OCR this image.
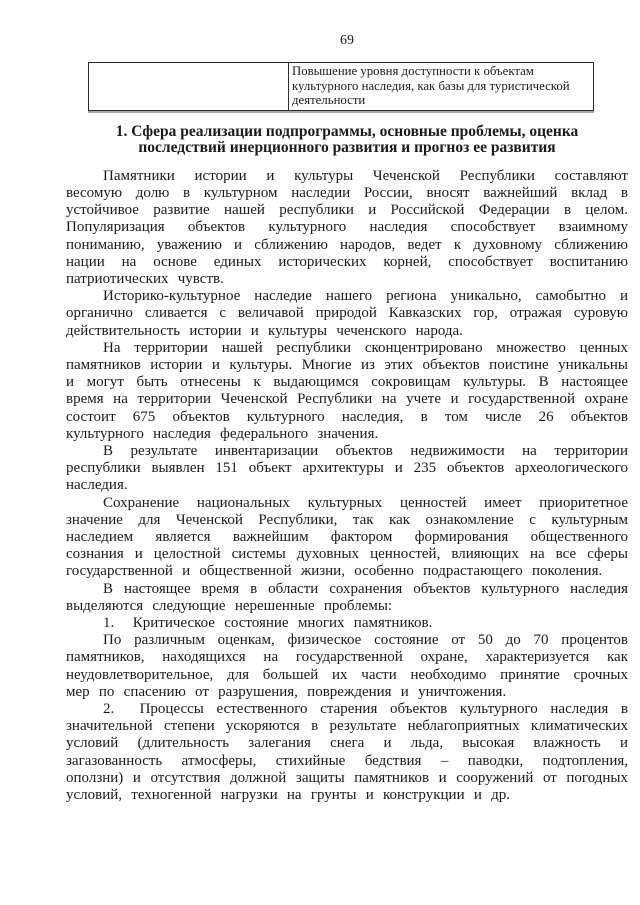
69
	Повышение уровня доступности к объектам культурного наследия, как базы для туристической деятельности
1. Сфера реализации подпрограммы, основные проблемы, оценка последствий инерционного развития и прогноз ее развития

Памятники истории и культуры Чеченской Республики составляют весомую долю в культурном наследии России, вносят важнейший вклад в устойчивое развитие нашей республики и Российской Федерации в целом. Популяризация объектов культурного наследия способствует взаимному пониманию, уважению и сближению народов, ведет к духовному сближению нации на основе единых исторических корней, способствует воспитанию патриотических чувств.

Историко-культурное наследие нашего региона уникально, самобытно и органично сливается с величавой природой Кавказских гор, отражая суровую действительность истории и культуры чеченского народа.

На территории нашей республики сконцентрировано множество ценных памятников истории и культуры. Многие из этих объектов поистине уникальны и могут быть отнесены к выдающимся сокровищам культуры. В настоящее время на территории Чеченской Республики на учете и государственной охране состоит 675 объектов культурного наследия, в том числе 26 объектов культурного наследия федерального значения.

В результате инвентаризации объектов недвижимости на территории республики выявлен 151 объект архитектуры и 235 объектов археологического наследия.

Сохранение национальных культурных ценностей имеет приоритетное значение для Чеченской Республики, так как ознакомление с культурным наследием является важнейшим фактором формирования общественного сознания и целостной системы духовных ценностей, влияющих на все сферы государственной и общественной жизни, особенно подрастающего поколения.

В настоящее время в области сохранения объектов культурного наследия выделяются следующие нерешенные проблемы:

1.  Критическое состояние многих памятников.

По различным оценкам, физическое состояние от 50 до 70 процентов памятников, находящихся на государственной охране, характеризуется как неудовлетворительное, для большей их части необходимо принятие срочных мер по спасению от разрушения, повреждения и уничтожения.

2.  Процессы естественного старения объектов культурного наследия в значительной степени ускоряются в результате неблагоприятных климатических условий (длительность залегания снега и льда, высокая влажность и загазованность атмосферы, стихийные бедствия – паводки, подтопления, оползни) и отсутствия должной защиты памятников и сооружений от погодных условий, техногенной нагрузки на грунты и конструкции и др.
